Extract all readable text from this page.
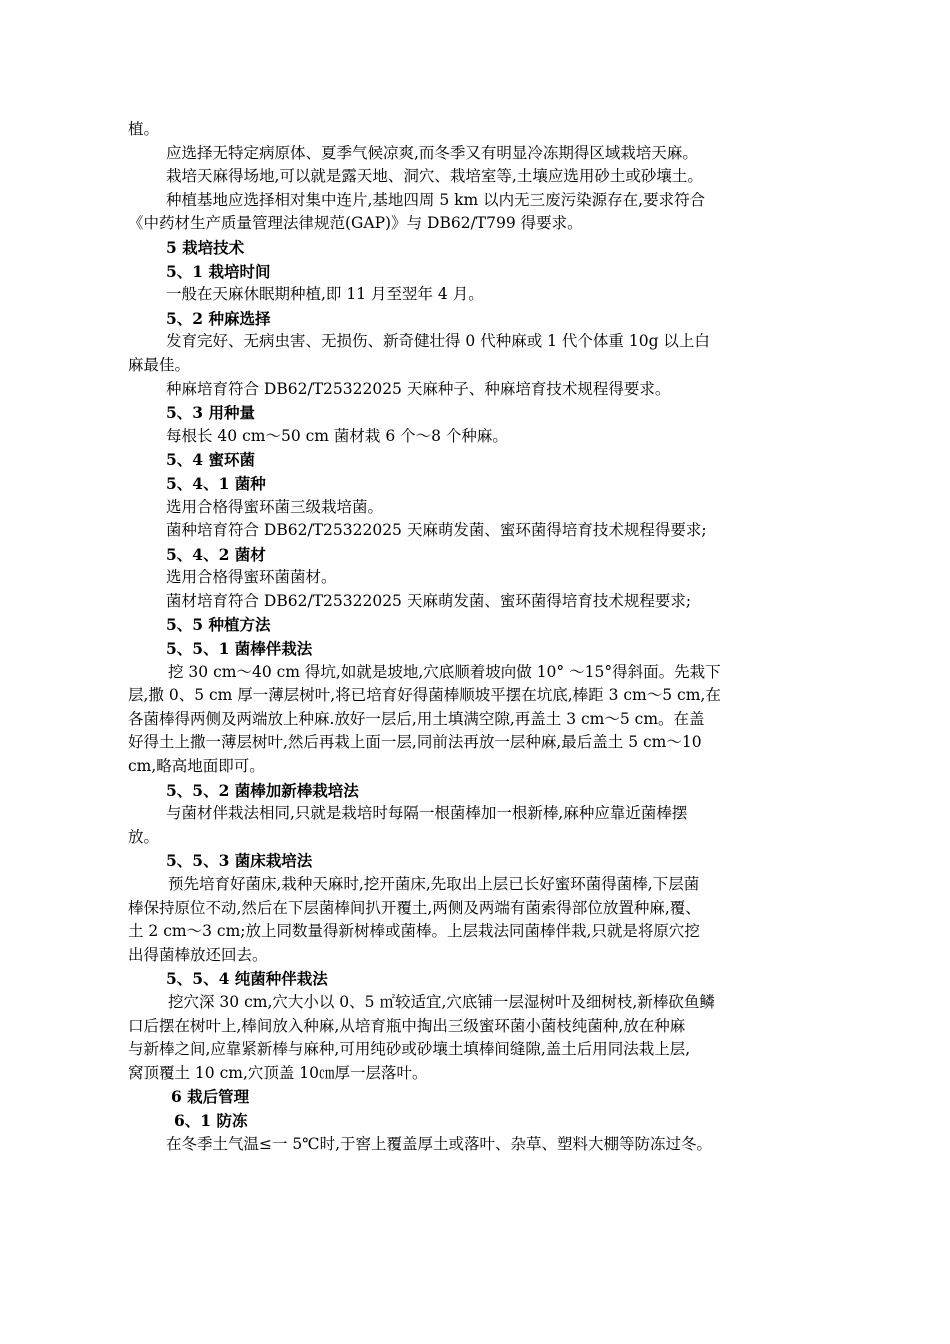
植。
应选择无特定病原体、夏季气候凉爽,而冬季又有明显冷冻期得区域栽培天麻。
栽培天麻得场地,可以就是露天地、洞穴、栽培室等,土壤应选用砂土或砂壤土。
种植基地应选择相对集中连片,基地四周 5 km 以内无三废污染源存在,要求符合
《中药材生产质量管理法律规范(GAP)》与 DB62/T799 得要求。
5 栽培技术
5、1 栽培时间
一般在天麻休眠期种植,即 11 月至翌年 4 月。
5、2 种麻选择
发育完好、无病虫害、无损伤、新奇健壮得 0 代种麻或 1 代个体重 10g 以上白
麻最佳。
种麻培育符合 DB62/T25322025 天麻种子、种麻培育技术规程得要求。
5、3 用种量
每根长 40 cm～50 cm 菌材栽 6 个～8 个种麻。
5、4 蜜环菌
5、4、1 菌种
选用合格得蜜环菌三级栽培菌。
菌种培育符合 DB62/T25322025 天麻萌发菌、蜜环菌得培育技术规程得要求;
5、4、2 菌材
选用合格得蜜环菌菌材。
菌材培育符合 DB62/T25322025 天麻萌发菌、蜜环菌得培育技术规程要求;
5、5 种植方法
5、5、1 菌棒伴栽法
挖 30 cm～40 cm 得坑,如就是坡地,穴底顺着坡向做 10° ～15°得斜面。先栽下
层,撒 0、5 cm 厚一薄层树叶,将已培育好得菌棒顺坡平摆在坑底,棒距 3 cm～5 cm,在
各菌棒得两侧及两端放上种麻.放好一层后,用土填满空隙,再盖土 3 cm～5 cm。在盖
好得土上撒一薄层树叶,然后再栽上面一层,同前法再放一层种麻,最后盖土 5 cm～10
cm,略高地面即可。
5、5、2 菌棒加新棒栽培法
与菌材伴栽法相同,只就是栽培时每隔一根菌棒加一根新棒,麻种应靠近菌棒摆
放。
5、5、3 菌床栽培法
预先培育好菌床,栽种天麻时,挖开菌床,先取出上层已长好蜜环菌得菌棒,下层菌
棒保持原位不动,然后在下层菌棒间扒开覆土,两侧及两端有菌索得部位放置种麻,覆、
土 2 cm～3 cm;放上同数量得新树棒或菌棒。上层栽法同菌棒伴栽,只就是将原穴挖
出得菌棒放还回去。
5、5、4 纯菌种伴栽法
挖穴深 30 cm,穴大小以 0、5 ㎡较适宜,穴底铺一层湿树叶及细树枝,新棒砍鱼鳞
口后摆在树叶上,棒间放入种麻,从培育瓶中掏出三级蜜环菌小菌枝纯菌种,放在种麻
与新棒之间,应靠紧新棒与麻种,可用纯砂或砂壤土填棒间缝隙,盖土后用同法栽上层,
窝顶覆土 10 cm,穴顶盖 10㎝厚一层落叶。
6 栽后管理
6、1 防冻
在冬季土气温≤一 5℃时,于窖上覆盖厚土或落叶、杂草、塑料大棚等防冻过冬。
